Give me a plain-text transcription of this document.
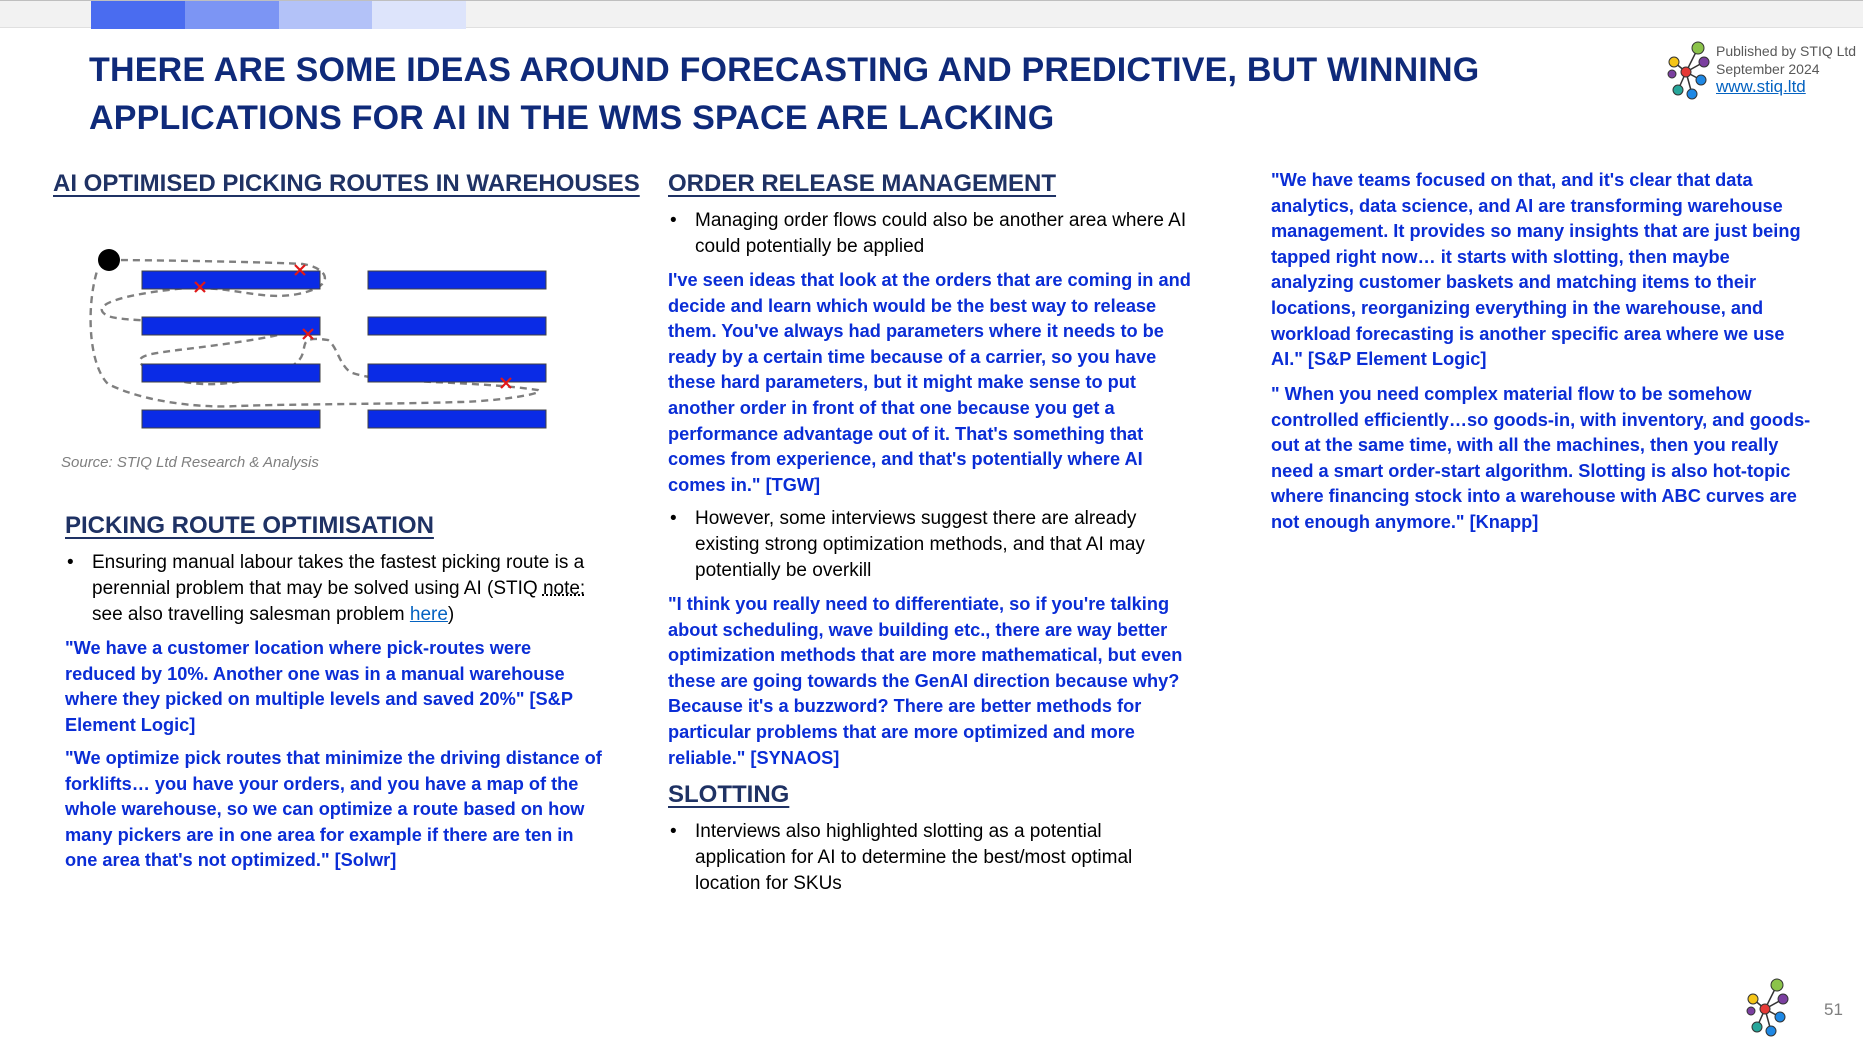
THERE ARE SOME IDEAS AROUND FORECASTING AND PREDICTIVE, BUT WINNING APPLICATIONS FOR AI IN THE WMS SPACE ARE LACKING
Published by STIQ Ltd
September 2024
www.stiq.ltd
AI OPTIMISED PICKING ROUTES IN WAREHOUSES
Source: STIQ Ltd Research & Analysis
PICKING ROUTE OPTIMISATION
• Ensuring manual labour takes the fastest picking route is a perennial problem that may be solved using AI (STIQ note: see also travelling salesman problem here)
"We have a customer location where pick-routes were reduced by 10%. Another one was in a manual warehouse where they picked on multiple levels and saved 20%" [S&P Element Logic]
"We optimize pick routes that minimize the driving distance of forklifts… you have your orders, and you have a map of the whole warehouse, so we can optimize a route based on how many pickers are in one area for example if there are ten in one area that's not optimized." [Solwr]
ORDER RELEASE MANAGEMENT
• Managing order flows could also be another area where AI could potentially be applied
I've seen ideas that look at the orders that are coming in and decide and learn which would be the best way to release them. You've always had parameters where it needs to be ready by a certain time because of a carrier, so you have these hard parameters, but it might make sense to put another order in front of that one because you get a performance advantage out of it. That's something that comes from experience, and that's potentially where AI comes in." [TGW]
• However, some interviews suggest there are already existing strong optimization methods, and that AI may potentially be overkill
"I think you really need to differentiate, so if you're talking about scheduling, wave building etc., there are way better optimization methods that are more mathematical, but even these are going towards the GenAI direction because why? Because it's a buzzword? There are better methods for particular problems that are more optimized and more reliable." [SYNAOS]
SLOTTING
• Interviews also highlighted slotting as a potential application for AI to determine the best/most optimal location for SKUs
"We have teams focused on that, and it's clear that data analytics, data science, and AI are transforming warehouse management. It provides so many insights that are just being tapped right now… it starts with slotting, then maybe analyzing customer baskets and matching items to their locations, reorganizing everything in the warehouse, and workload forecasting is another specific area where we use AI." [S&P Element Logic]
" When you need complex material flow to be somehow controlled efficiently…so goods-in, with inventory, and goods-out at the same time, with all the machines, then you really need a smart order-start algorithm. Slotting is also hot-topic where financing stock into a warehouse with ABC curves are not enough anymore." [Knapp]
51
